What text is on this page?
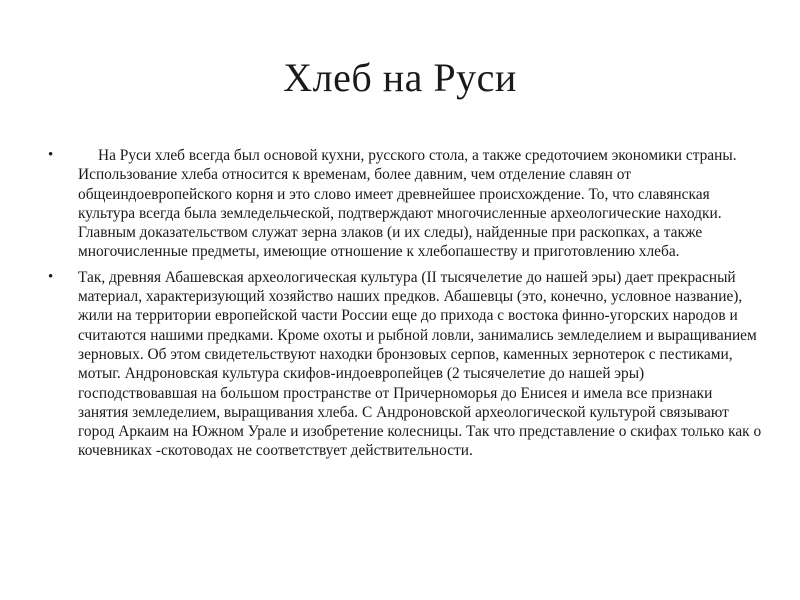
Хлеб на Руси
•	На Руси хлеб всегда был основой кухни, русского стола, а также средоточием экономики страны. Использование хлеба относится к временам, более давним, чем отделение славян от общеиндоевропейского корня и это слово имеет древнейшее происхождение. То, что славянская культура всегда была земледельческой, подтверждают многочисленные археологические находки. Главным доказательством служат зерна злаков (и их следы), найденные при раскопках, а также многочисленные предметы, имеющие отношение к хлебопашеству и приготовлению хлеба.
•	Так, древняя Абашевская археологическая культура (II тысячелетие до нашей эры) дает прекрасный материал, характеризующий хозяйство наших предков. Абашевцы (это, конечно, условное название), жили на территории европейской части России еще до прихода с востока финно-угорских народов и считаются нашими предками. Кроме охоты и рыбной ловли, занимались земледелием и выращиванием зерновых. Об этом свидетельствуют находки бронзовых серпов, каменных зернотерок с пестиками, мотыг. Андроновская культура скифов-индоевропейцев (2 тысячелетие до нашей эры) господствовавшая на большом пространстве от Причерноморья до Енисея и имела все признаки занятия земледелием, выращивания хлеба. С Андроновской археологической культурой связывают город Аркаим на Южном Урале и изобретение колесницы. Так что представление о скифах только как о кочевниках -скотоводах не соответствует действительности.
